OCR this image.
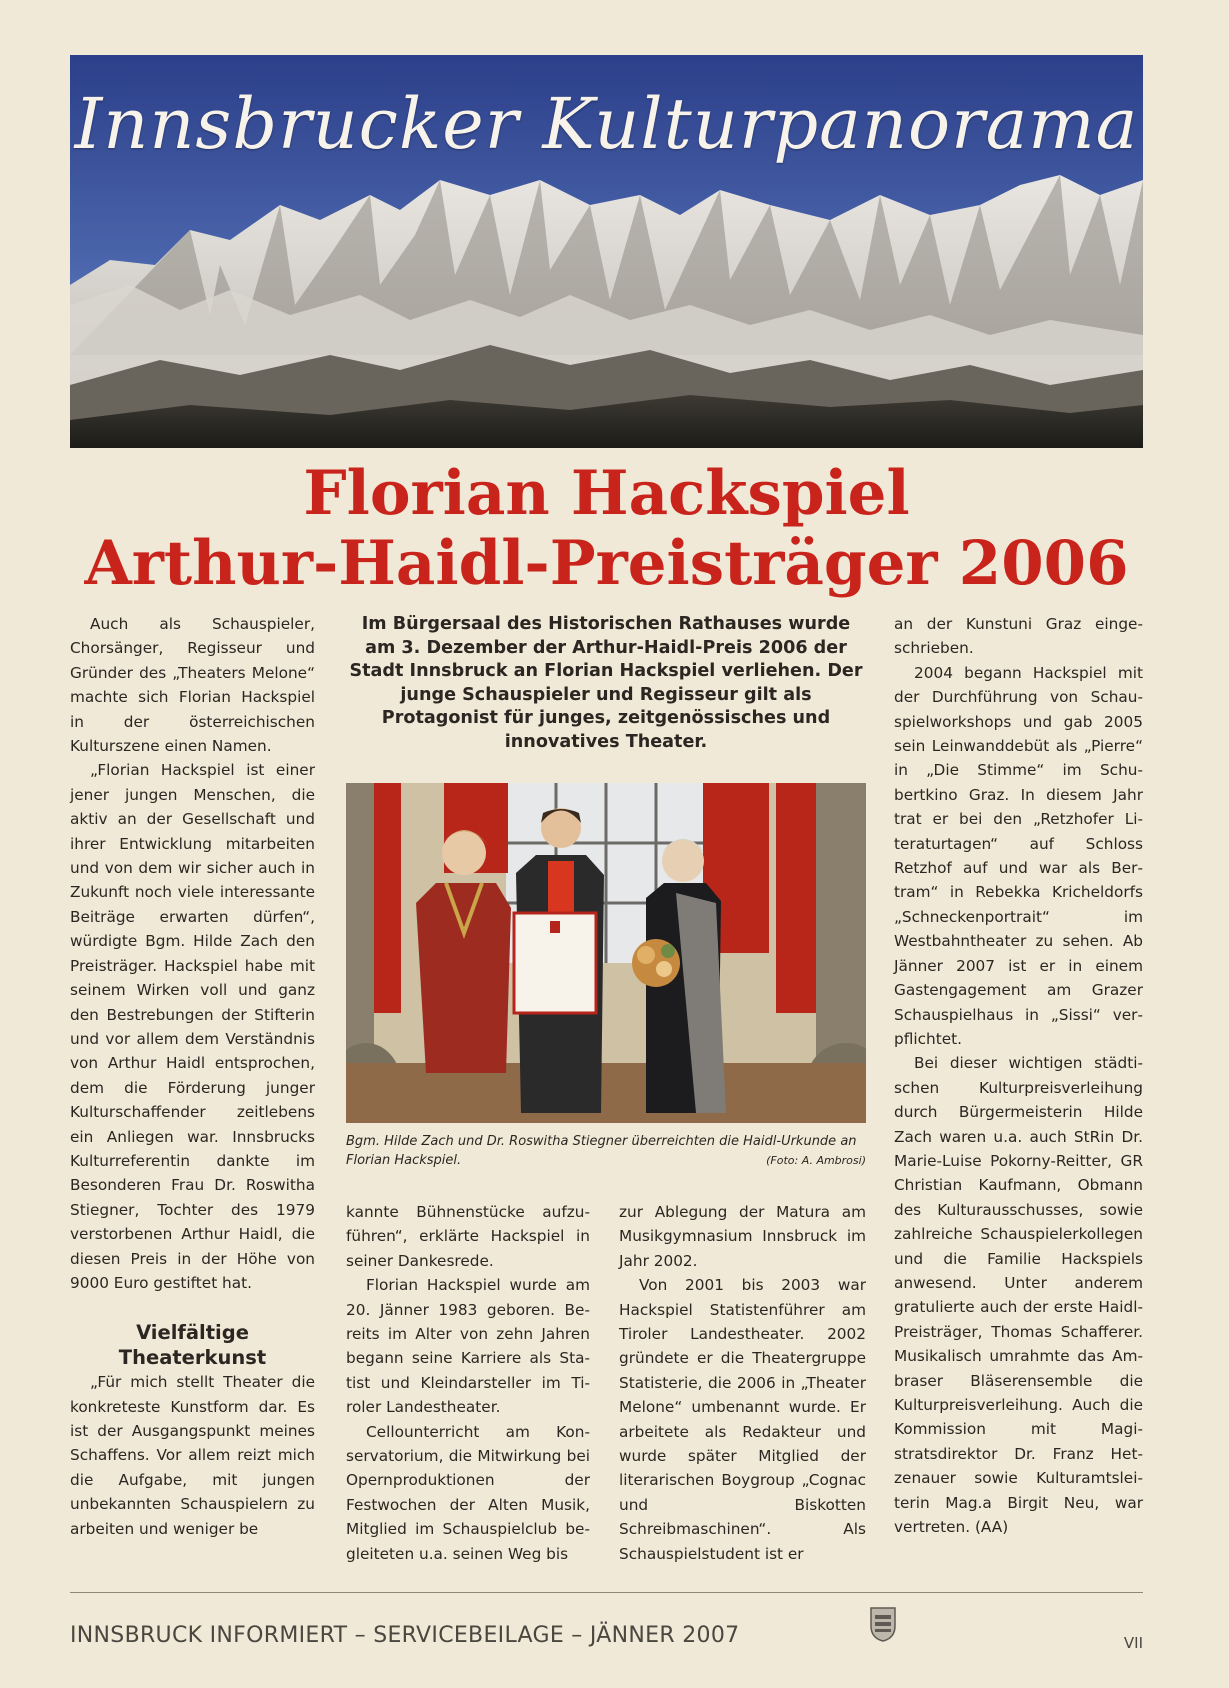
Innsbrucker Kulturpanorama
Florian Hackspiel
Arthur-Haidl-Preisträger 2006

Auch als Schauspieler, Chorsänger, Regisseur und Gründer des „Theaters Melone“ machte sich Florian Hackspiel in der österreichischen Kulturszene einen Namen.

„Florian Hackspiel ist einer jener jungen Menschen, die aktiv an der Gesellschaft und ihrer Entwicklung mitarbeiten und von dem wir sicher auch in Zukunft noch viele interessante Beiträge erwarten dürfen“, würdigte Bgm. Hilde Zach den Preisträger. Hackspiel habe mit seinem Wirken voll und ganz den Bestrebungen der Stifterin und vor allem dem Verständnis von Arthur Haidl entsprochen, dem die Förderung junger Kulturschaffender zeitlebens ein Anliegen war. Innsbrucks Kulturreferentin dankte im Besonderen Frau Dr. Roswitha Stiegner, Tochter des 1979 verstorbenen Arthur Haidl, die diesen Preis in der Höhe von 9000 Euro gestiftet hat.

Vielfältige Theaterkunst

„Für mich stellt Theater die konkreteste Kunstform dar. Es ist der Ausgangspunkt meines Schaffens. Vor allem reizt mich die Aufgabe, mit jungen unbekannten Schauspielern zu arbeiten und weniger be

Im Bürgersaal des Historischen Rathauses wurde am 3. Dezember der Arthur-Haidl-Preis 2006 der Stadt Innsbruck an Florian Hackspiel verliehen. Der junge Schauspieler und Regisseur gilt als Protagonist für junges, zeitgenössisches und innovatives Theater.
Bgm. Hilde Zach und Dr. Roswitha Stiegner überreichten die Haidl-Urkunde an Florian Hackspiel.	(Foto: A. Ambrosi)

kannte Bühnenstücke aufzuführen“, erklärte Hackspiel in seiner Dankesrede.

Florian Hackspiel wurde am 20. Jänner 1983 geboren. Bereits im Alter von zehn Jahren begann seine Karriere als Statist und Kleindarsteller im Tiroler Landestheater.

Cellounterricht am Konservatorium, die Mitwirkung bei Opernproduktionen der Festwochen der Alten Musik, Mitglied im Schauspielclub begleiteten u.a. seinen Weg bis

zur Ablegung der Matura am Musikgymnasium Innsbruck im Jahr 2002.

Von 2001 bis 2003 war Hackspiel Statistenführer am Tiroler Landestheater. 2002 gründete er die Theatergruppe Statisterie, die 2006 in „Theater Melone“ umbenannt wurde. Er arbeitete als Redakteur und wurde später Mitglied der literarischen Boygroup „Cognac und Biskotten Schreibmaschinen“. Als Schauspielstudent ist er

an der Kunstuni Graz eingeschrieben.

2004 begann Hackspiel mit der Durchführung von Schauspielworkshops und gab 2005 sein Leinwanddebüt als „Pierre“ in „Die Stimme“ im Schubertkino Graz. In diesem Jahr trat er bei den „Retzhofer Literaturtagen“ auf Schloss Retzhof auf und war als Bertram“ in Rebekka Kricheldorfs „Schneckenportrait“ im Westbahntheater zu sehen. Ab Jänner 2007 ist er in einem Gastengagement am Grazer Schauspielhaus in „Sissi“ verpflichtet.

Bei dieser wichtigen städtischen Kulturpreisverleihung durch Bürgermeisterin Hilde Zach waren u.a. auch StRin Dr. Marie-Luise Pokorny-Reitter, GR Christian Kaufmann, Obmann des Kulturausschusses, sowie zahlreiche Schauspielerkollegen und die Familie Hackspiels anwesend. Unter anderem gratulierte auch der erste Haidl-Preisträger, Thomas Schafferer. Musikalisch umrahmte das Ambraser Bläserensemble die Kulturpreisverleihung. Auch die Kommission mit Magistratsdirektor Dr. Franz Hetzenauer sowie Kulturamtsleiterin Mag.a Birgit Neu, war vertreten. (AA)

INNSBRUCK INFORMIERT – SERVICEBEILAGE – JÄNNER 2007	VII
